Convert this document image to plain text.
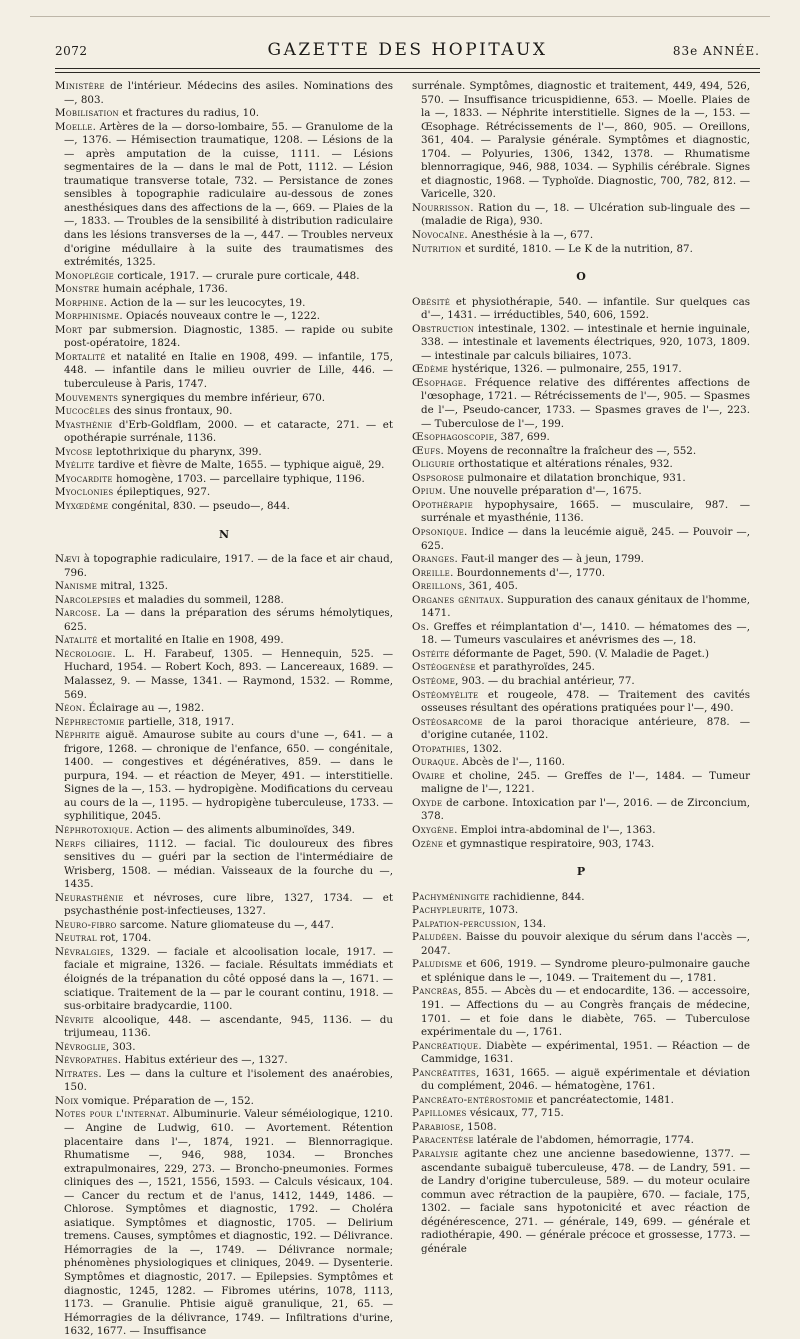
2072	GAZETTE DES HOPITAUX	83e ANNÉE.

Ministère de l'intérieur. Médecins des asiles. Nominations des —, 803.

Mobilisation et fractures du radius, 10.

Moelle. Artères de la — dorso-lombaire, 55. — Granulome de la —, 1376. — Hémisection traumatique, 1208. — Lésions de la — après amputation de la cuisse, 1111. — Lésions segmentaires de la — dans le mal de Pott, 1112. — Lésion traumatique transverse totale, 732. — Persistance de zones sensibles à topographie radiculaire au-dessous de zones anesthésiques dans des affections de la —, 669. — Plaies de la —, 1833. — Troubles de la sensibilité à distribution radiculaire dans les lésions transverses de la —, 447. — Troubles nerveux d'origine médullaire à la suite des traumatismes des extrémités, 1325.

Monoplégie corticale, 1917. — crurale pure corticale, 448.

Monstre humain acéphale, 1736.

Morphine. Action de la — sur les leucocytes, 19.

Morphinisme. Opiacés nouveaux contre le —, 1222.

Mort par submersion. Diagnostic, 1385. — rapide ou subite post-opératoire, 1824.

Mortalité et natalité en Italie en 1908, 499. — infantile, 175, 448. — infantile dans le milieu ouvrier de Lille, 446. — tuberculeuse à Paris, 1747.

Mouvements synergiques du membre inférieur, 670.

Mucocèles des sinus frontaux, 90.

Myasthénie d'Erb-Goldflam, 2000. — et cataracte, 271. — et opothérapie surrénale, 1136.

Mycose leptothrixique du pharynx, 399.

Myélite tardive et fièvre de Malte, 1655. — typhique aiguë, 29.

Myocardite homogène, 1703. — parcellaire typhique, 1196.

Myoclonies épileptiques, 927.

Myxœdème congénital, 830. — pseudo—, 844.

N

Nævi à topographie radiculaire, 1917. — de la face et air chaud, 796.

Nanisme mitral, 1325.

Narcolepsies et maladies du sommeil, 1288.

Narcose. La — dans la préparation des sérums hémolytiques, 625.

Natalité et mortalité en Italie en 1908, 499.

Nécrologie. L. H. Farabeuf, 1305. — Hennequin, 525. — Huchard, 1954. — Robert Koch, 893. — Lancereaux, 1689. — Malassez, 9. — Masse, 1341. — Raymond, 1532. — Romme, 569.

Néon. Éclairage au —, 1982.

Néphrectomie partielle, 318, 1917.

Néphrite aiguë. Amaurose subite au cours d'une —, 641. — a frigore, 1268. — chronique de l'enfance, 650. — congénitale, 1400. — congestives et dégénératives, 859. — dans le purpura, 194. — et réaction de Meyer, 491. — interstitielle. Signes de la —, 153. — hydropigène. Modifications du cerveau au cours de la —, 1195. — hydropigène tuberculeuse, 1733. — syphilitique, 2045.

Néphrotoxique. Action — des aliments albuminoïdes, 349.

Nerfs ciliaires, 1112. — facial. Tic douloureux des fibres sensitives du — guéri par la section de l'intermédiaire de Wrisberg, 1508. — médian. Vaisseaux de la fourche du —, 1435.

Neurasthénie et névroses, cure libre, 1327, 1734. — et psychasthénie post-infectieuses, 1327.

Neuro-fibro sarcome. Nature gliomateuse du —, 447.

Neutral rot, 1704.

Névralgies, 1329. — faciale et alcoolisation locale, 1917. — faciale et migraine, 1326. — faciale. Résultats immédiats et éloignés de la trépanation du côté opposé dans la —, 1671. — sciatique. Traitement de la — par le courant continu, 1918. — sus-orbitaire bradycardie, 1100.

Névrite alcoolique, 448. — ascendante, 945, 1136. — du trijumeau, 1136.

Névroglie, 303.

Névropathes. Habitus extérieur des —, 1327.

Nitrates. Les — dans la culture et l'isolement des anaérobies, 150.

Noix vomique. Préparation de —, 152.

Notes pour l'internat. Albuminurie. Valeur séméiologique, 1210. — Angine de Ludwig, 610. — Avortement. Rétention placentaire dans l'—, 1874, 1921. — Blennorragique. Rhumatisme —, 946, 988, 1034. — Bronches extrapulmonaires, 229, 273. — Broncho-pneumonies. Formes cliniques des —, 1521, 1556, 1593. — Calculs vésicaux, 104. — Cancer du rectum et de l'anus, 1412, 1449, 1486. — Chlorose. Symptômes et diagnostic, 1792. — Choléra asiatique. Symptômes et diagnostic, 1705. — Delirium tremens. Causes, symptômes et diagnostic, 192. — Délivrance. Hémorragies de la —, 1749. — Délivrance normale; phénomènes physiologiques et cliniques, 2049. — Dysenterie. Symptômes et diagnostic, 2017. — Epilepsies. Symptômes et diagnostic, 1245, 1282. — Fibromes utérins, 1078, 1113, 1173. — Granulie. Phtisie aiguë granulique, 21, 65. — Hémorragies de la délivrance, 1749. — Infiltrations d'urine, 1632, 1677. — Insuffisance

surrénale. Symptômes, diagnostic et traitement, 449, 494, 526, 570. — Insuffisance tricuspidienne, 653. — Moelle. Plaies de la —, 1833. — Néphrite interstitielle. Signes de la —, 153. — Œsophage. Rétrécissements de l'—, 860, 905. — Oreillons, 361, 404. — Paralysie générale. Symptômes et diagnostic, 1704. — Polyuries, 1306, 1342, 1378. — Rhumatisme blennorragique, 946, 988, 1034. — Syphilis cérébrale. Signes et diagnostic, 1968. — Typhoïde. Diagnostic, 700, 782, 812. — Varicelle, 320.

Nourrisson. Ration du —, 18. — Ulcération sub-linguale des — (maladie de Riga), 930.

Novocaïne. Anesthésie à la —, 677.

Nutrition et surdité, 1810. — Le K de la nutrition, 87.

O

Obésité et physiothérapie, 540. — infantile. Sur quelques cas d'—, 1431. — irréductibles, 540, 606, 1592.

Obstruction intestinale, 1302. — intestinale et hernie inguinale, 338. — intestinale et lavements électriques, 920, 1073, 1809. — intestinale par calculs biliaires, 1073.

Œdème hystérique, 1326. — pulmonaire, 255, 1917.

Œsophage. Fréquence relative des différentes affections de l'œsophage, 1721. — Rétrécissements de l'—, 905. — Spasmes de l'—, Pseudo-cancer, 1733. — Spasmes graves de l'—, 223. — Tuberculose de l'—, 199.

Œsophagoscopie, 387, 699.

Œufs. Moyens de reconnaître la fraîcheur des —, 552.

Oligurie orthostatique et altérations rénales, 932.

Ospsorose pulmonaire et dilatation bronchique, 931.

Opium. Une nouvelle préparation d'—, 1675.

Opothérapie hypophysaire, 1665. — musculaire, 987. — surrénale et myasthénie, 1136.

Opsonique. Indice — dans la leucémie aiguë, 245. — Pouvoir —, 625.

Oranges. Faut-il manger des — à jeun, 1799.

Oreille. Bourdonnements d'—, 1770.

Oreillons, 361, 405.

Organes génitaux. Suppuration des canaux génitaux de l'homme, 1471.

Os. Greffes et réimplantation d'—, 1410. — hématomes des —, 18. — Tumeurs vasculaires et anévrismes des —, 18.

Ostéite déformante de Paget, 590. (V. Maladie de Paget.)

Ostéogenèse et parathyroïdes, 245.

Ostéome, 903. — du brachial antérieur, 77.

Ostéomyélite et rougeole, 478. — Traitement des cavités osseuses résultant des opérations pratiquées pour l'—, 490.

Ostéosarcome de la paroi thoracique antérieure, 878. — d'origine cutanée, 1102.

Otopathies, 1302.

Ouraque. Abcès de l'—, 1160.

Ovaire et choline, 245. — Greffes de l'—, 1484. — Tumeur maligne de l'—, 1221.

Oxyde de carbone. Intoxication par l'—, 2016. — de Zirconcium, 378.

Oxygène. Emploi intra-abdominal de l'—, 1363.

Ozène et gymnastique respiratoire, 903, 1743.

P

Pachyméningite rachidienne, 844.

Pachypleurite, 1073.

Palpation-percussion, 134.

Paludéen. Baisse du pouvoir alexique du sérum dans l'accès —, 2047.

Paludisme et 606, 1919. — Syndrome pleuro-pulmonaire gauche et splénique dans le —, 1049. — Traitement du —, 1781.

Pancréas, 855. — Abcès du — et endocardite, 136. — accessoire, 191. — Affections du — au Congrès français de médecine, 1701. — et foie dans le diabète, 765. — Tuberculose expérimentale du —, 1761.

Pancréatique. Diabète — expérimental, 1951. — Réaction — de Cammidge, 1631.

Pancréatites, 1631, 1665. — aiguë expérimentale et déviation du complément, 2046. — hématogène, 1761.

Pancréato-entérostomie et pancréatectomie, 1481.

Papillomes vésicaux, 77, 715.

Parabiose, 1508.

Paracentèse latérale de l'abdomen, hémorragie, 1774.

Paralysie agitante chez une ancienne basedowienne, 1377. — ascendante subaiguë tuberculeuse, 478. — de Landry, 591. — de Landry d'origine tuberculeuse, 589. — du moteur oculaire commun avec rétraction de la paupière, 670. — faciale, 175, 1302. — faciale sans hypotonicité et avec réaction de dégénérescence, 271. — générale, 149, 699. — générale et radiothérapie, 490. — générale précoce et grossesse, 1773. — générale
